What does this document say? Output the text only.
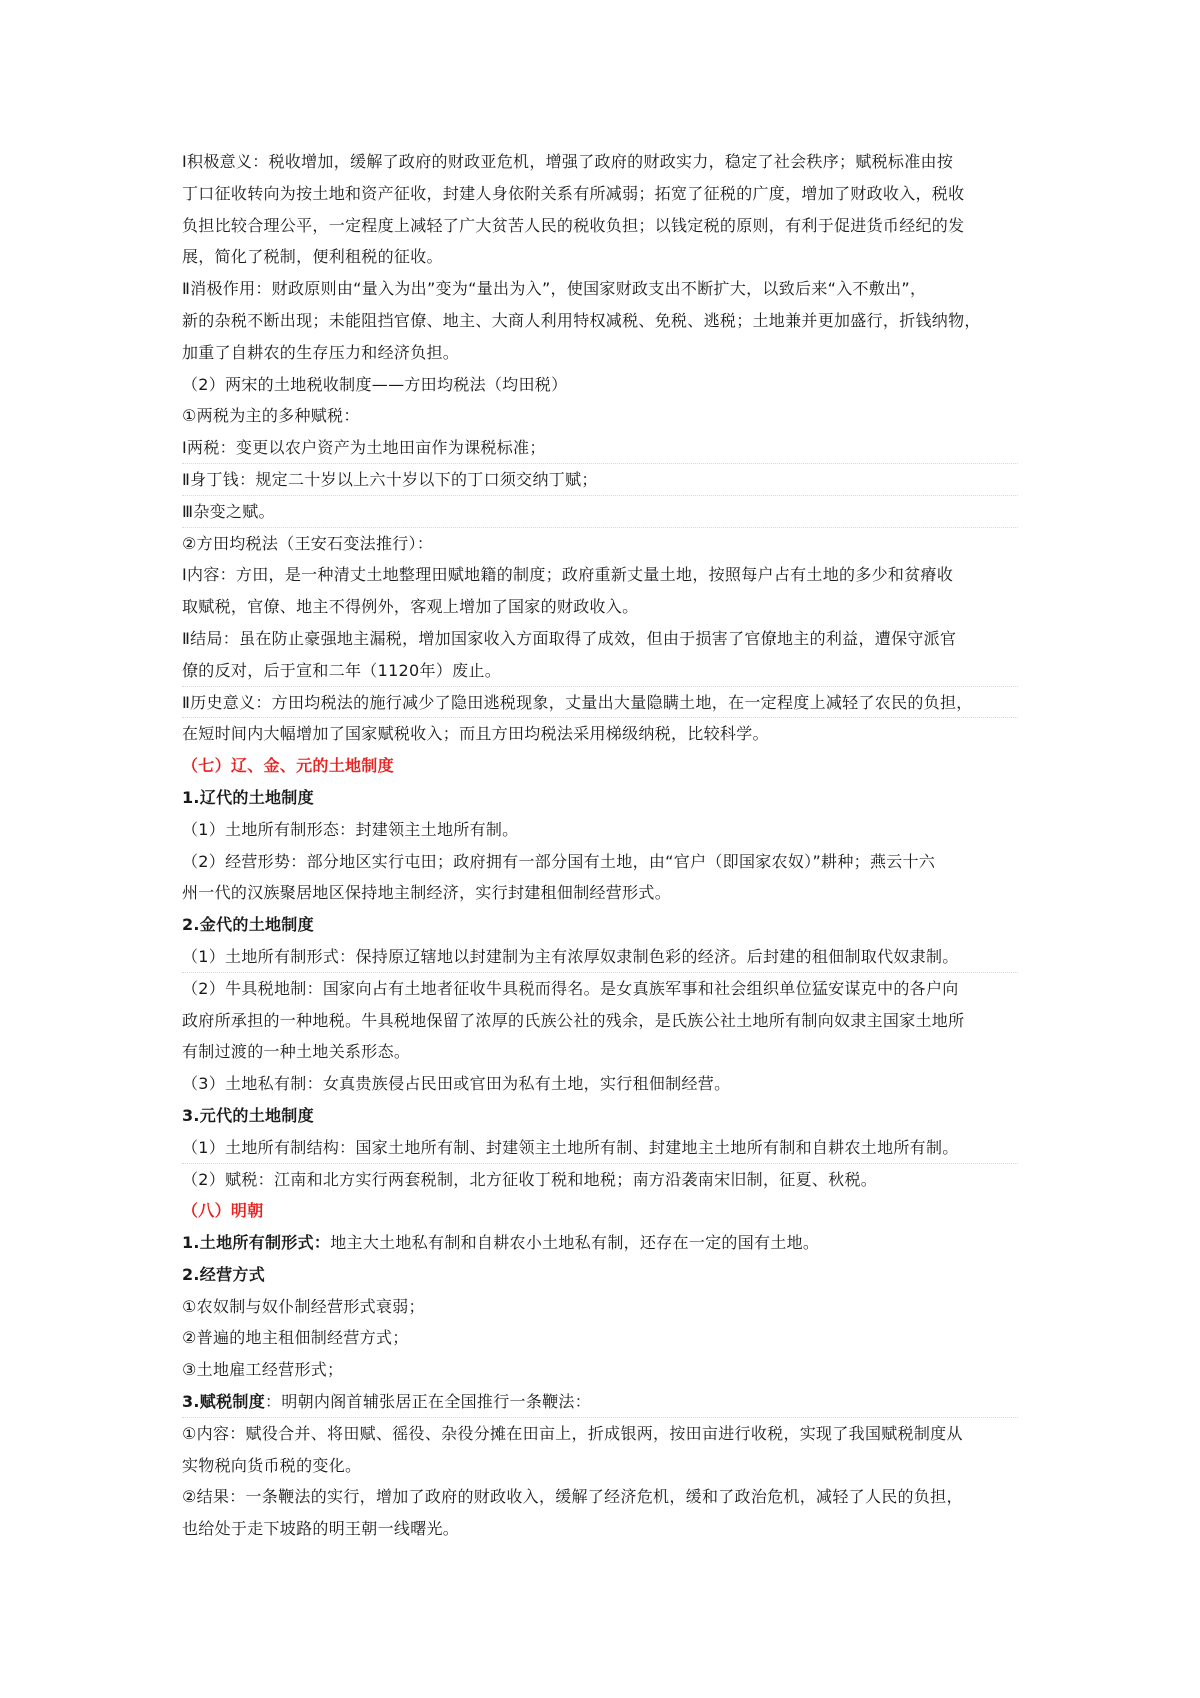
Ⅰ积极意义：税收增加，缓解了政府的财政亚危机，增强了政府的财政实力，稳定了社会秩序；赋税标准由按
丁口征收转向为按土地和资产征收，封建人身依附关系有所减弱；拓宽了征税的广度，增加了财政收入，税收
负担比较合理公平，一定程度上减轻了广大贫苦人民的税收负担；以钱定税的原则，有利于促进货币经纪的发
展，简化了税制，便利租税的征收。
Ⅱ消极作用：财政原则由“量入为出”变为“量出为入”，使国家财政支出不断扩大，以致后来“入不敷出”，
新的杂税不断出现；未能阻挡官僚、地主、大商人利用特权减税、免税、逃税；土地兼并更加盛行，折钱纳物，
加重了自耕农的生存压力和经济负担。
（2）两宋的土地税收制度——方田均税法（均田税）
①两税为主的多种赋税：
Ⅰ两税：变更以农户资产为土地田亩作为课税标准；
Ⅱ身丁钱：规定二十岁以上六十岁以下的丁口须交纳丁赋；
Ⅲ杂变之赋。
②方田均税法（王安石变法推行）：
Ⅰ内容：方田，是一种清丈土地整理田赋地籍的制度；政府重新丈量土地，按照每户占有土地的多少和贫瘠收
取赋税，官僚、地主不得例外，客观上增加了国家的财政收入。
Ⅱ结局：虽在防止豪强地主漏税，增加国家收入方面取得了成效，但由于损害了官僚地主的利益，遭保守派官
僚的反对，后于宣和二年（1120年）废止。
Ⅱ历史意义：方田均税法的施行减少了隐田逃税现象，丈量出大量隐瞒土地，在一定程度上减轻了农民的负担，
在短时间内大幅增加了国家赋税收入；而且方田均税法采用梯级纳税，比较科学。
（七）辽、金、元的土地制度
1.辽代的土地制度
（1）土地所有制形态：封建领主土地所有制。
（2）经营形势：部分地区实行屯田；政府拥有一部分国有土地，由“官户（即国家农奴）”耕种；燕云十六
州一代的汉族聚居地区保持地主制经济，实行封建租佃制经营形式。
2.金代的土地制度
（1）土地所有制形式：保持原辽辖地以封建制为主有浓厚奴隶制色彩的经济。后封建的租佃制取代奴隶制。
（2）牛具税地制：国家向占有土地者征收牛具税而得名。是女真族军事和社会组织单位猛安谋克中的各户向
政府所承担的一种地税。牛具税地保留了浓厚的氏族公社的残余，是氏族公社土地所有制向奴隶主国家土地所
有制过渡的一种土地关系形态。
（3）土地私有制：女真贵族侵占民田或官田为私有土地，实行租佃制经营。
3.元代的土地制度
（1）土地所有制结构：国家土地所有制、封建领主土地所有制、封建地主土地所有制和自耕农土地所有制。
（2）赋税：江南和北方实行两套税制，北方征收丁税和地税；南方沿袭南宋旧制，征夏、秋税。
（八）明朝
1.土地所有制形式：地主大土地私有制和自耕农小土地私有制，还存在一定的国有土地。
2.经营方式
①农奴制与奴仆制经营形式衰弱；
②普遍的地主租佃制经营方式；
③土地雇工经营形式；
3.赋税制度：明朝内阁首辅张居正在全国推行一条鞭法：
①内容：赋役合并、将田赋、徭役、杂役分摊在田亩上，折成银两，按田亩进行收税，实现了我国赋税制度从
实物税向货币税的变化。
②结果：一条鞭法的实行，增加了政府的财政收入，缓解了经济危机，缓和了政治危机，减轻了人民的负担，
也给处于走下坡路的明王朝一线曙光。
